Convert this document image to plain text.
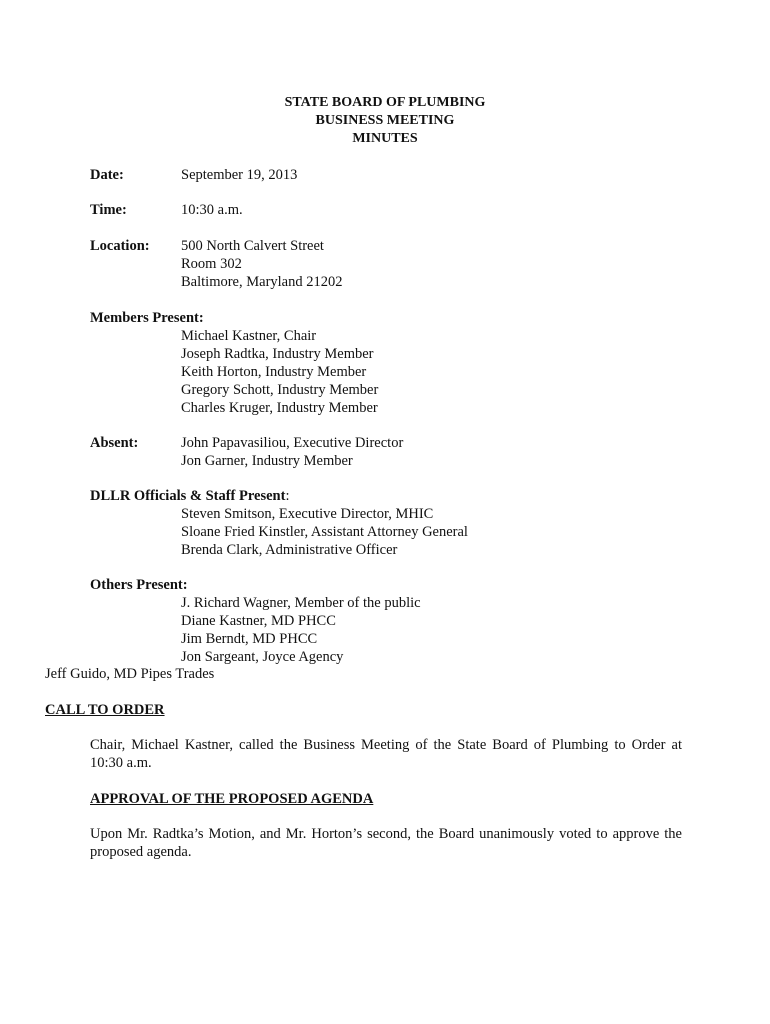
STATE BOARD OF PLUMBING
BUSINESS MEETING
MINUTES
Date:	September 19, 2013
Time:	10:30 a.m.
Location: 500 North Calvert Street
Room 302
Baltimore, Maryland 21202
Members Present:
Michael Kastner, Chair
Joseph Radtka, Industry Member
Keith Horton, Industry Member
Gregory Schott, Industry Member
Charles Kruger, Industry Member
Absent:	John Papavasiliou, Executive Director
Jon Garner, Industry Member
DLLR Officials & Staff Present:
Steven Smitson, Executive Director, MHIC
Sloane Fried Kinstler, Assistant Attorney General
Brenda Clark, Administrative Officer
Others Present:
J. Richard Wagner, Member of the public
Diane Kastner, MD PHCC
Jim Berndt, MD PHCC
Jon Sargeant, Joyce Agency
Jeff Guido, MD Pipes Trades
CALL TO ORDER
Chair, Michael Kastner, called the Business Meeting of the State Board of Plumbing to Order at 10:30 a.m.
APPROVAL OF THE PROPOSED AGENDA
Upon Mr. Radtka’s Motion, and Mr. Horton’s second, the Board unanimously voted to approve the proposed agenda.
